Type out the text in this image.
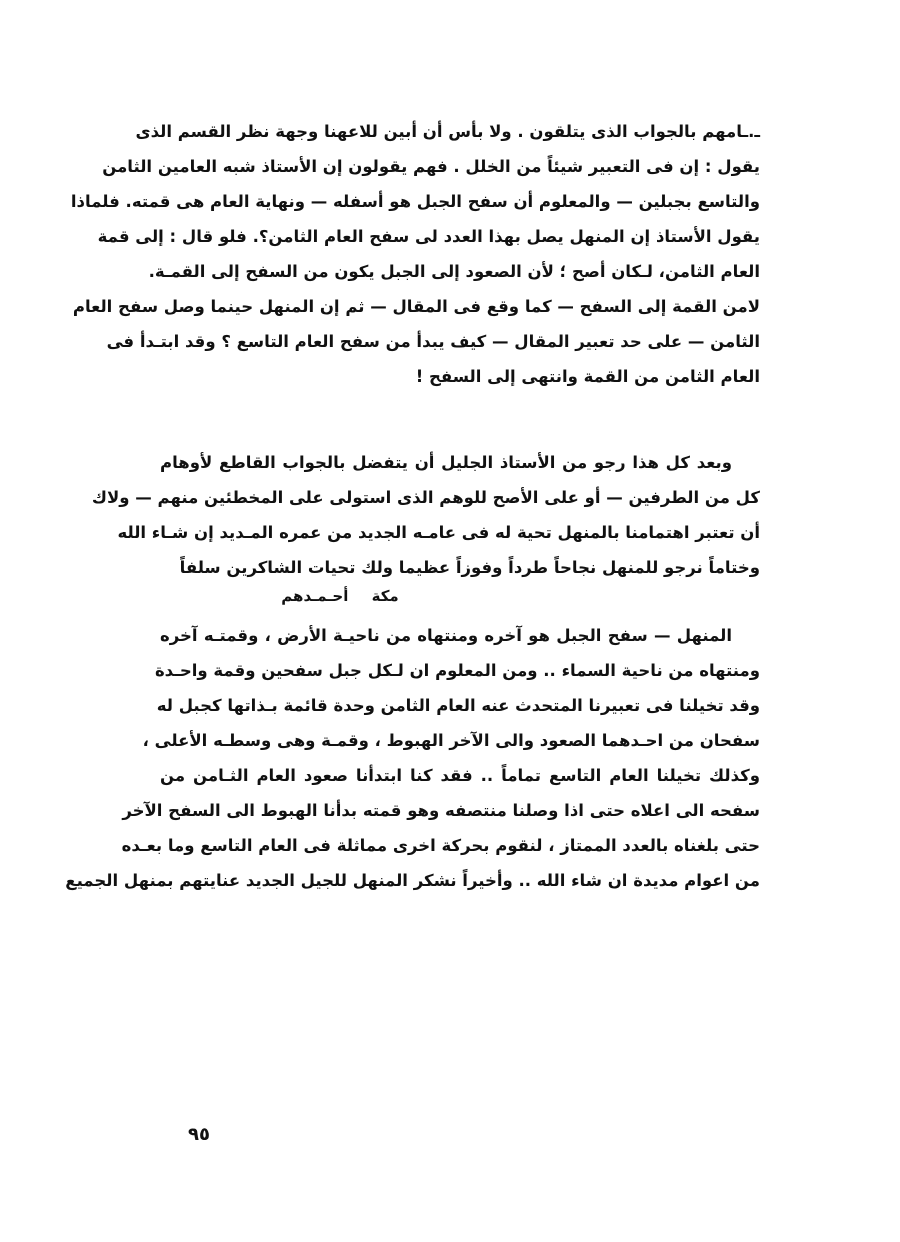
ـ.ـامهم بالجواب الذى يتلقون . ولا بأس أن أبين للاعهنا وجهة نظر القسم الذى
يقول : إن فى التعبير شيئاً من الخلل . فهم يقولون إن الأستاذ شبه العامين الثامن
والتاسع بجبلين — والمعلوم أن سفح الجبل هو أسفله — ونهاية العام هى قمته. فلماذا
يقول الأستاذ إن المنهل يصل بهذا العدد لى سفح العام الثامن؟. فلو قال : إلى قمة
العام الثامن، لـكان أصح ؛ لأن الصعود إلى الجبل يكون من السفح إلى القمـة.
لامن القمة إلى السفح — كما وقع فى المقال — ثم إن المنهل حينما وصل سفح العام
الثامن — على حد تعبير المقال — كيف يبدأ من سفح العام التاسع ؟ وقد ابتـدأ فى
العام الثامن من القمة وانتهى إلى السفح !
وبعد كل هذا رجو من الأستاذ الجليل أن يتفضل بالجواب القاطع لأوهام
كل من الطرفين — أو على الأصح للوهم الذى استولى على المخطئين منهم — ولاك
أن تعتبر اهتمامنا بالمنهل تحية له فى عامـه الجديد من عمره المـديد إن شـاء الله
وختاماً نرجو للمنهل نجاحاً طرداً وفوزاً عظيما ولك تحيات الشاكرين سلفاً
مكة أحـمـدهم
المنهل — سفح الجبل هو آخره ومنتهاه من ناحيـة الأرض ، وقمتـه آخره
ومنتهاه من ناحية السماء .. ومن المعلوم ان لـكل جبل سفحين وقمة واحـدة
وقد تخيلنا فى تعبيرنا المتحدث عنه العام الثامن وحدة قائمة بـذاتها كجبل له
سفحان من احـدهما الصعود والى الآخر الهبوط ، وقمـة وهى وسطـه الأعلى ،
وكذلك تخيلنا العام التاسع تماماً .. فقد كنا ابتدأنا صعود العام الثـامن من
سفحه الى اعلاه حتى اذا وصلنا منتصفه وهو قمته بدأنا الهبوط الى السفح الآخر
حتى بلغناه بالعدد الممتاز ، لنقوم بحركة اخرى مماثلة فى العام التاسع وما بعـده
من اعوام مديدة ان شاء الله .. وأخيراً نشكر المنهل للجيل الجديد عنايتهم بمنهل الجميع
٩٥
